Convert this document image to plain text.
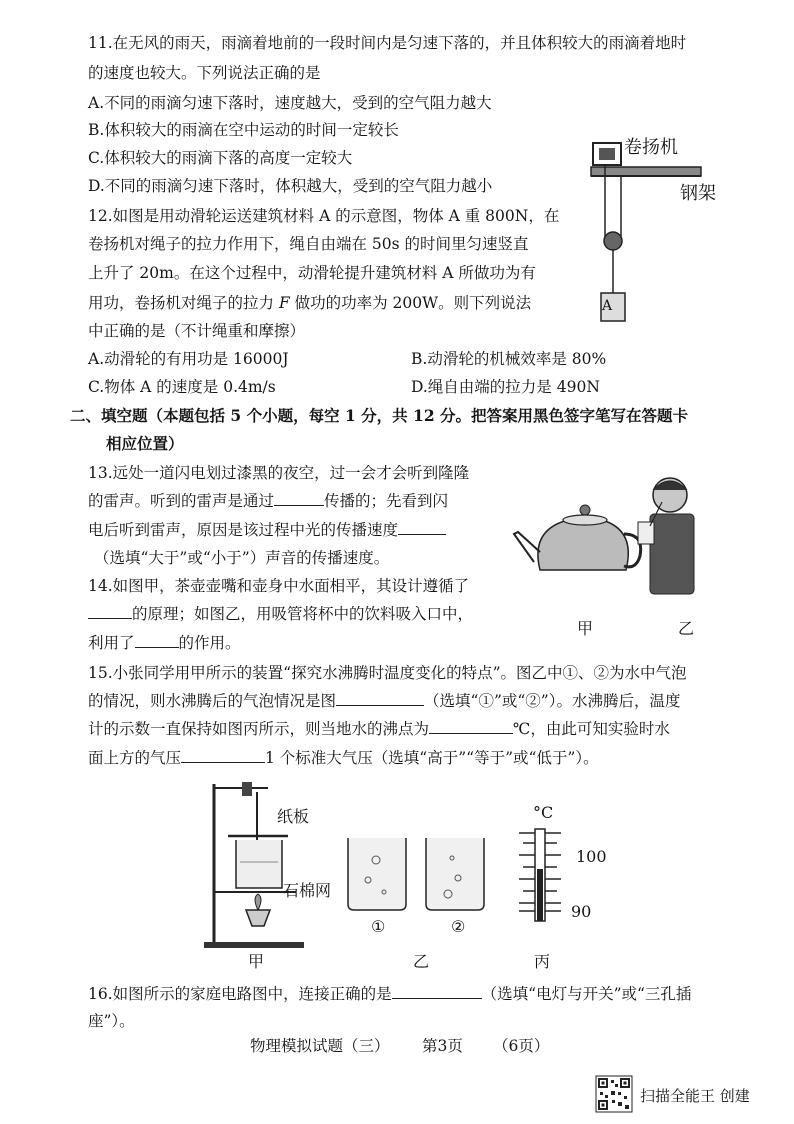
11.在无风的雨天，雨滴着地前的一段时间内是匀速下落的，并且体积较大的雨滴着地时
的速度也较大。下列说法正确的是
A.不同的雨滴匀速下落时，速度越大，受到的空气阻力越大
B.体积较大的雨滴在空中运动的时间一定较长
C.体积较大的雨滴下落的高度一定较大
D.不同的雨滴匀速下落时，体积越大，受到的空气阻力越小
卷扬机
钢架
A
12.如图是用动滑轮运送建筑材料 A 的示意图，物体 A 重 800N，在
卷扬机对绳子的拉力作用下，绳自由端在 50s 的时间里匀速竖直
上升了 20m。在这个过程中，动滑轮提升建筑材料 A 所做功为有
用功，卷扬机对绳子的拉力 F 做功的功率为 200W。则下列说法
中正确的是（不计绳重和摩擦）
A.动滑轮的有用功是 16000J	B.动滑轮的机械效率是 80%
C.物体 A 的速度是 0.4m/s	D.绳自由端的拉力是 490N
二、填空题（本题包括 5 个小题，每空 1 分，共 12 分。把答案用黑色签字笔写在答题卡
相应位置）
13.远处一道闪电划过漆黑的夜空，过一会才会听到隆隆
的雷声。听到的雷声是通过	传播的；先看到闪
电后听到雷声，原因是该过程中光的传播速度
（选填“大于”或“小于”）声音的传播速度。
14.如图甲，茶壶壶嘴和壶身中水面相平，其设计遵循了
的原理；如图乙，用吸管将杯中的饮料吸入口中，
利用了	的作用。
甲	乙
15.小张同学用甲所示的装置“探究水沸腾时温度变化的特点”。图乙中①、②为水中气泡
的情况，则水沸腾后的气泡情况是图	（选填“①”或“②”）。水沸腾后，温度
计的示数一直保持如图丙所示，则当地水的沸点为	℃，由此可知实验时水
面上方的气压	1 个标准大气压（选填“高于”“等于”或“低于”）。
纸板
石棉网
①	②
°C
100
90
甲	乙	丙
16.如图所示的家庭电路图中，连接正确的是	（选填“电灯与开关”或“三孔插
座”）。
物理模拟试题（三） 第3页 （6页）
扫描全能王 创建
